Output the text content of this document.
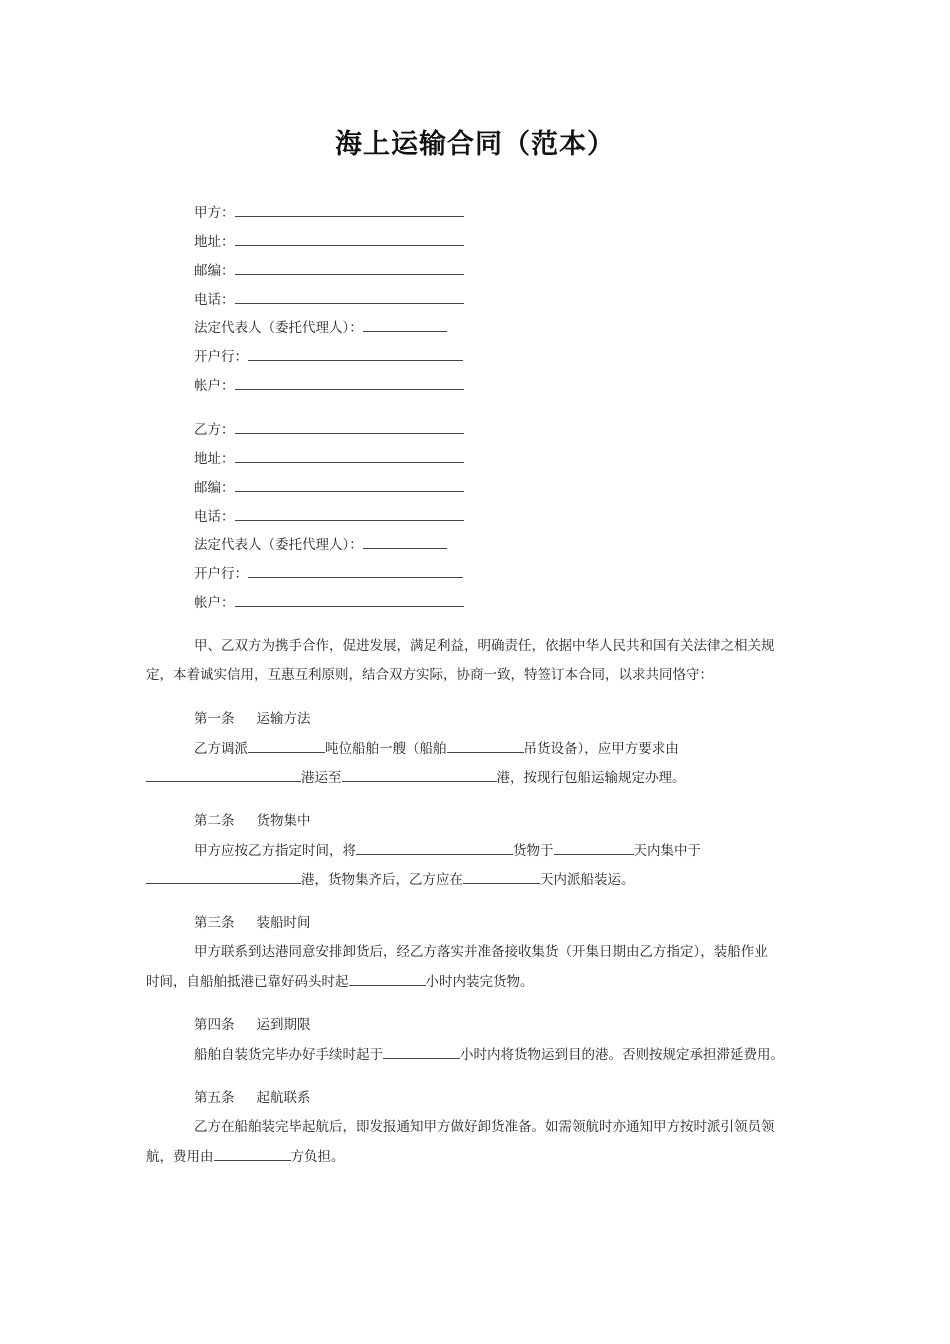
海上运输合同（范本）
甲方：
地址：
邮编：
电话：
法定代表人（委托代理人）：
开户行：
帐户：
乙方：
地址：
邮编：
电话：
法定代表人（委托代理人）：
开户行：
帐户：
甲、乙双方为携手合作，促进发展，满足利益，明确责任，依据中华人民共和国有关法律之相关规
定，本着诚实信用，互惠互利原则，结合双方实际，协商一致，特签订本合同，以求共同恪守：
第一条 运输方法
乙方调派	吨位船舶一艘（船舶	吊货设备），应甲方要求由
港运至	港，按现行包船运输规定办理。
第二条 货物集中
甲方应按乙方指定时间，将	货物于	天内集中于
港，货物集齐后，乙方应在	天内派船装运。
第三条 装船时间
甲方联系到达港同意安排卸货后，经乙方落实并准备接收集货（开集日期由乙方指定），装船作业
时间，自船舶抵港已靠好码头时起	小时内装完货物。
第四条 运到期限
船舶自装货完毕办好手续时起于	小时内将货物运到目的港。否则按规定承担滞延费用。
第五条 起航联系
乙方在船舶装完毕起航后，即发报通知甲方做好卸货准备。如需领航时亦通知甲方按时派引领员领
航，费用由	方负担。
